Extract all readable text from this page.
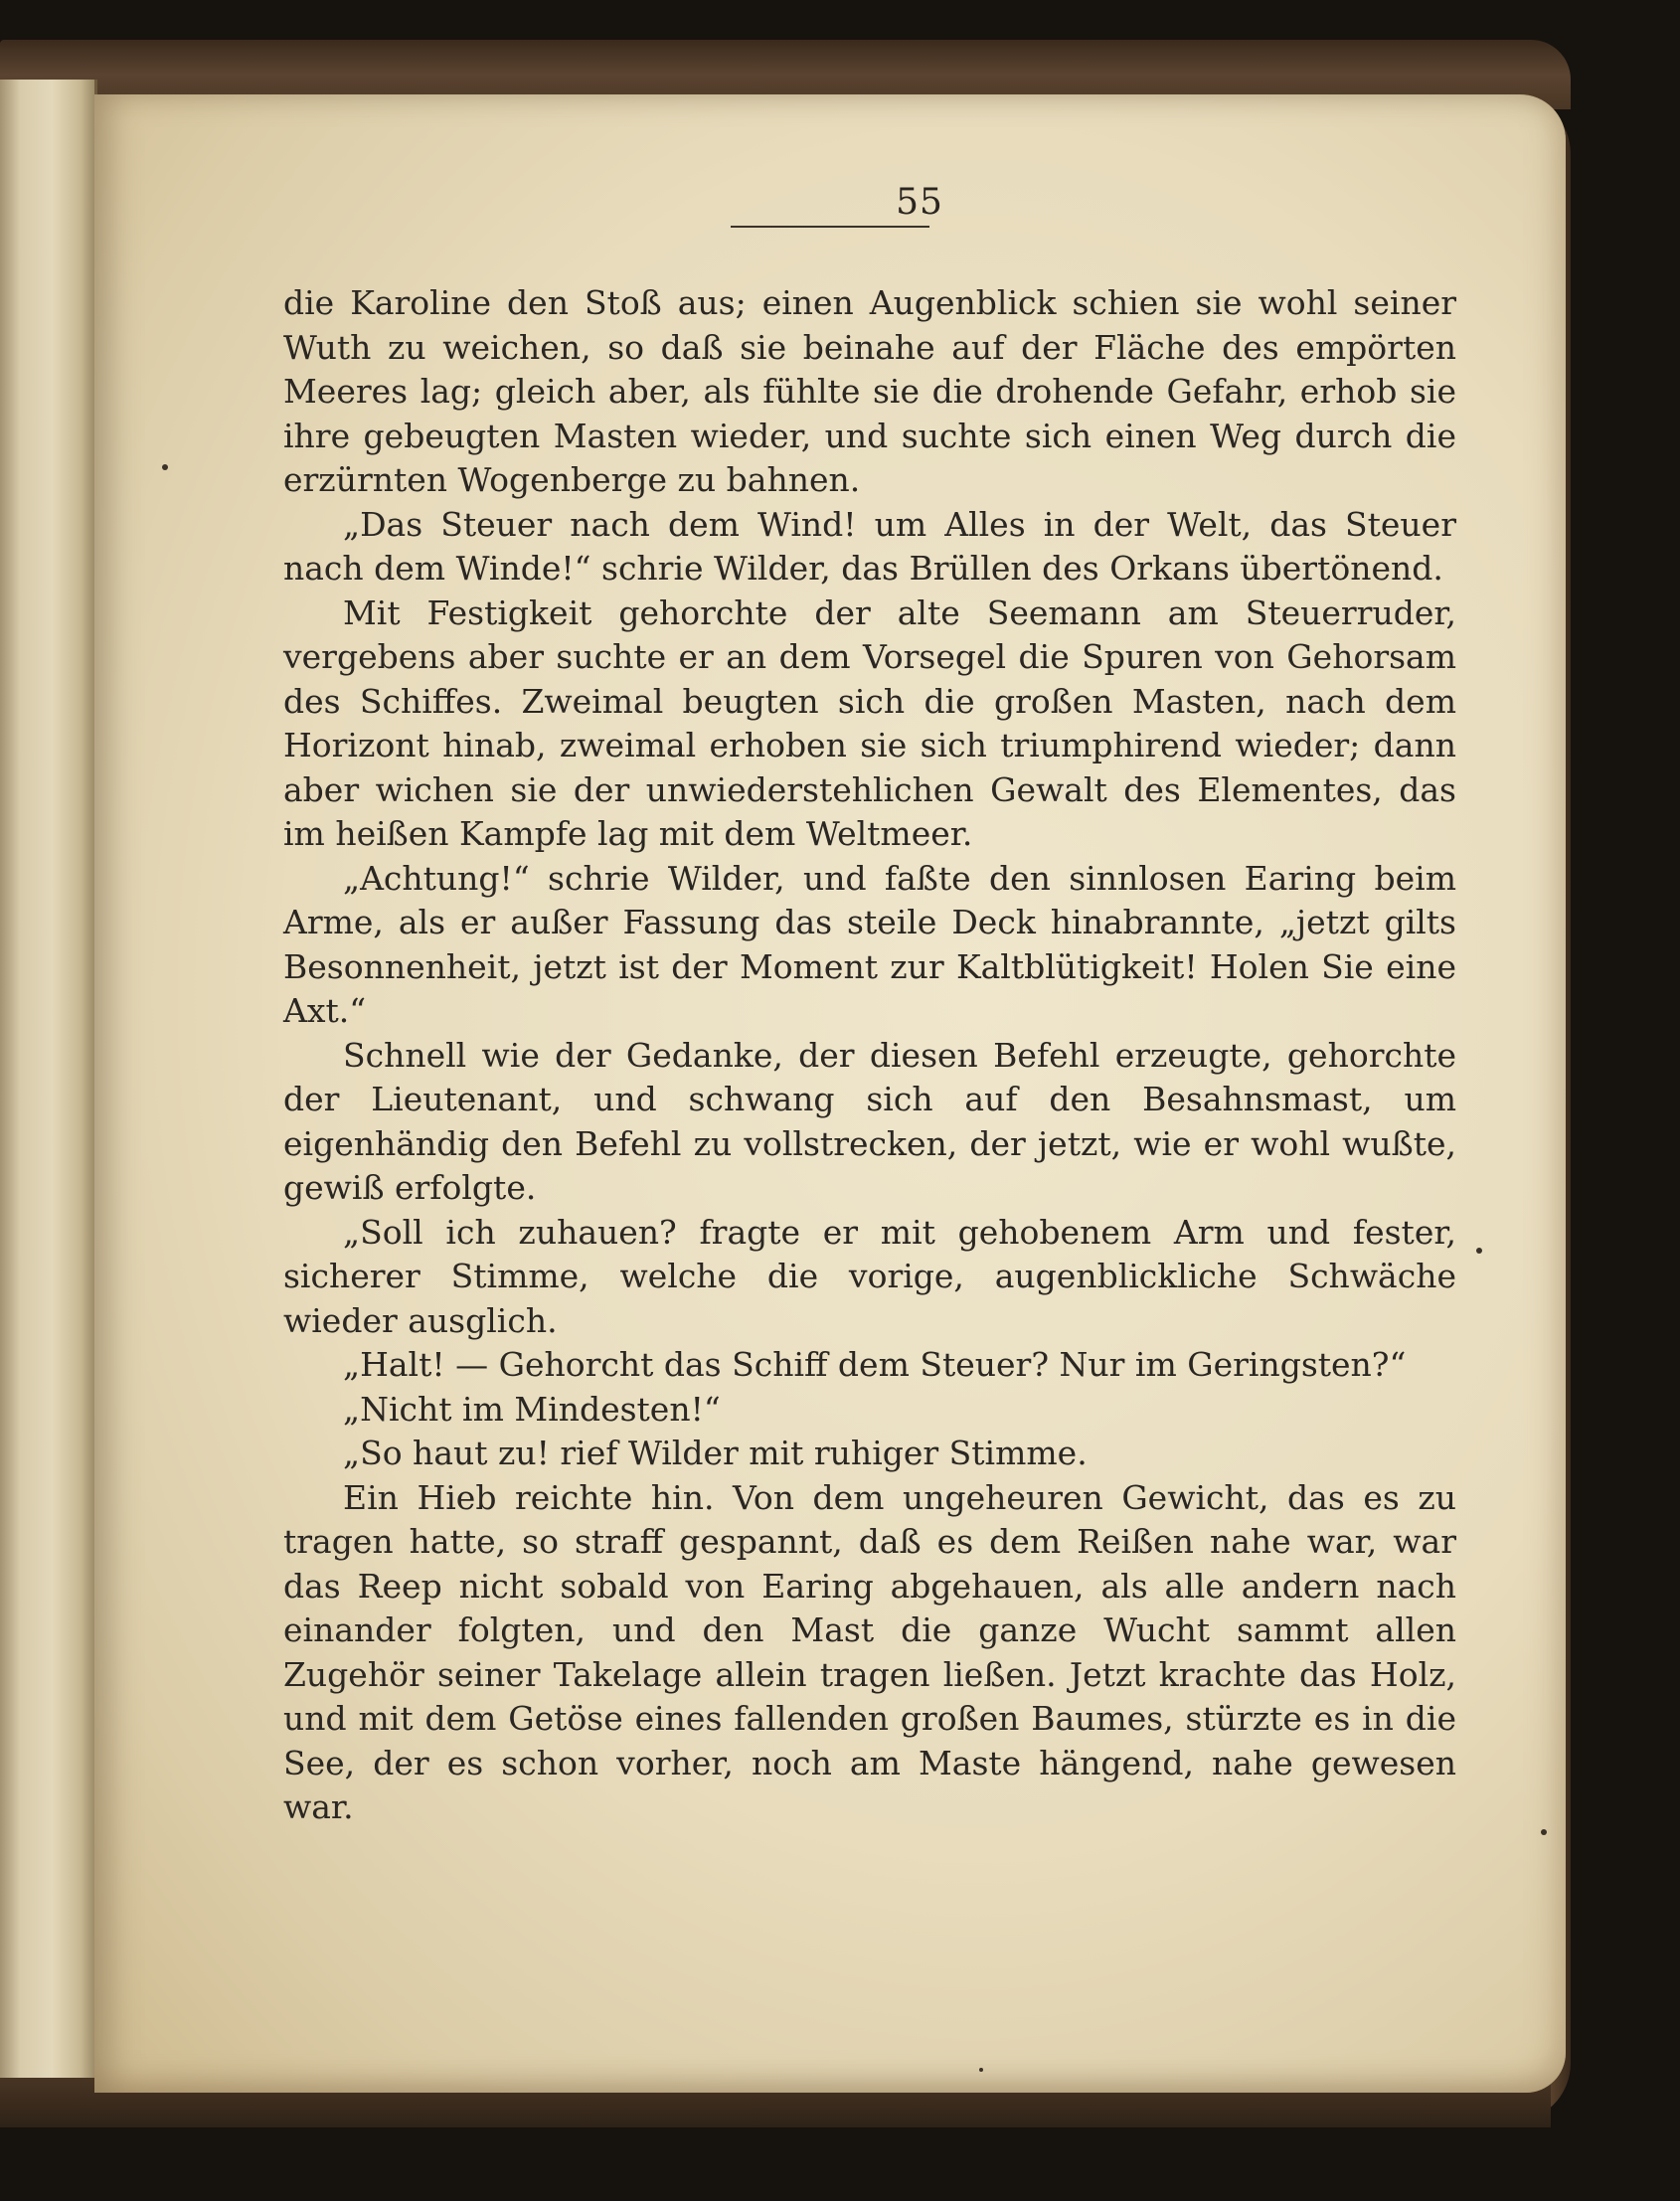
55

die Karoline den Stoß aus; einen Augenblick schien sie wohl seiner Wuth zu weichen, so daß sie beinahe auf der Fläche des empörten Meeres lag; gleich aber, als fühlte sie die drohende Gefahr, erhob sie ihre gebeugten Masten wieder, und suchte sich einen Weg durch die erzürnten Wogenberge zu bahnen.

„Das Steuer nach dem Wind! um Alles in der Welt, das Steuer nach dem Winde!“ schrie Wilder, das Brüllen des Orkans übertönend.

Mit Festigkeit gehorchte der alte Seemann am Steuerruder, vergebens aber suchte er an dem Vorsegel die Spuren von Gehorsam des Schiffes. Zweimal beugten sich die großen Masten, nach dem Horizont hinab, zweimal erhoben sie sich triumphirend wieder; dann aber wichen sie der unwiederstehlichen Gewalt des Elementes, das im heißen Kampfe lag mit dem Weltmeer.

„Achtung!“ schrie Wilder, und faßte den sinnlosen Earing beim Arme, als er außer Fassung das steile Deck hinabrannte, „jetzt gilts Besonnenheit, jetzt ist der Moment zur Kaltblütigkeit! Holen Sie eine Axt.“

Schnell wie der Gedanke, der diesen Befehl erzeugte, gehorchte der Lieutenant, und schwang sich auf den Besahnsmast, um eigenhändig den Befehl zu vollstrecken, der jetzt, wie er wohl wußte, gewiß erfolgte.

„Soll ich zuhauen? fragte er mit gehobenem Arm und fester, sicherer Stimme, welche die vorige, augenblickliche Schwäche wieder ausglich.

„Halt! — Gehorcht das Schiff dem Steuer? Nur im Geringsten?“

„Nicht im Mindesten!“

„So haut zu! rief Wilder mit ruhiger Stimme.

Ein Hieb reichte hin. Von dem ungeheuren Gewicht, das es zu tragen hatte, so straff gespannt, daß es dem Reißen nahe war, war das Reep nicht sobald von Earing abgehauen, als alle andern nach einander folgten, und den Mast die ganze Wucht sammt allen Zugehör seiner Takelage allein tragen ließen. Jetzt krachte das Holz, und mit dem Getöse eines fallenden großen Baumes, stürzte es in die See, der es schon vorher, noch am Maste hängend, nahe gewesen war.
